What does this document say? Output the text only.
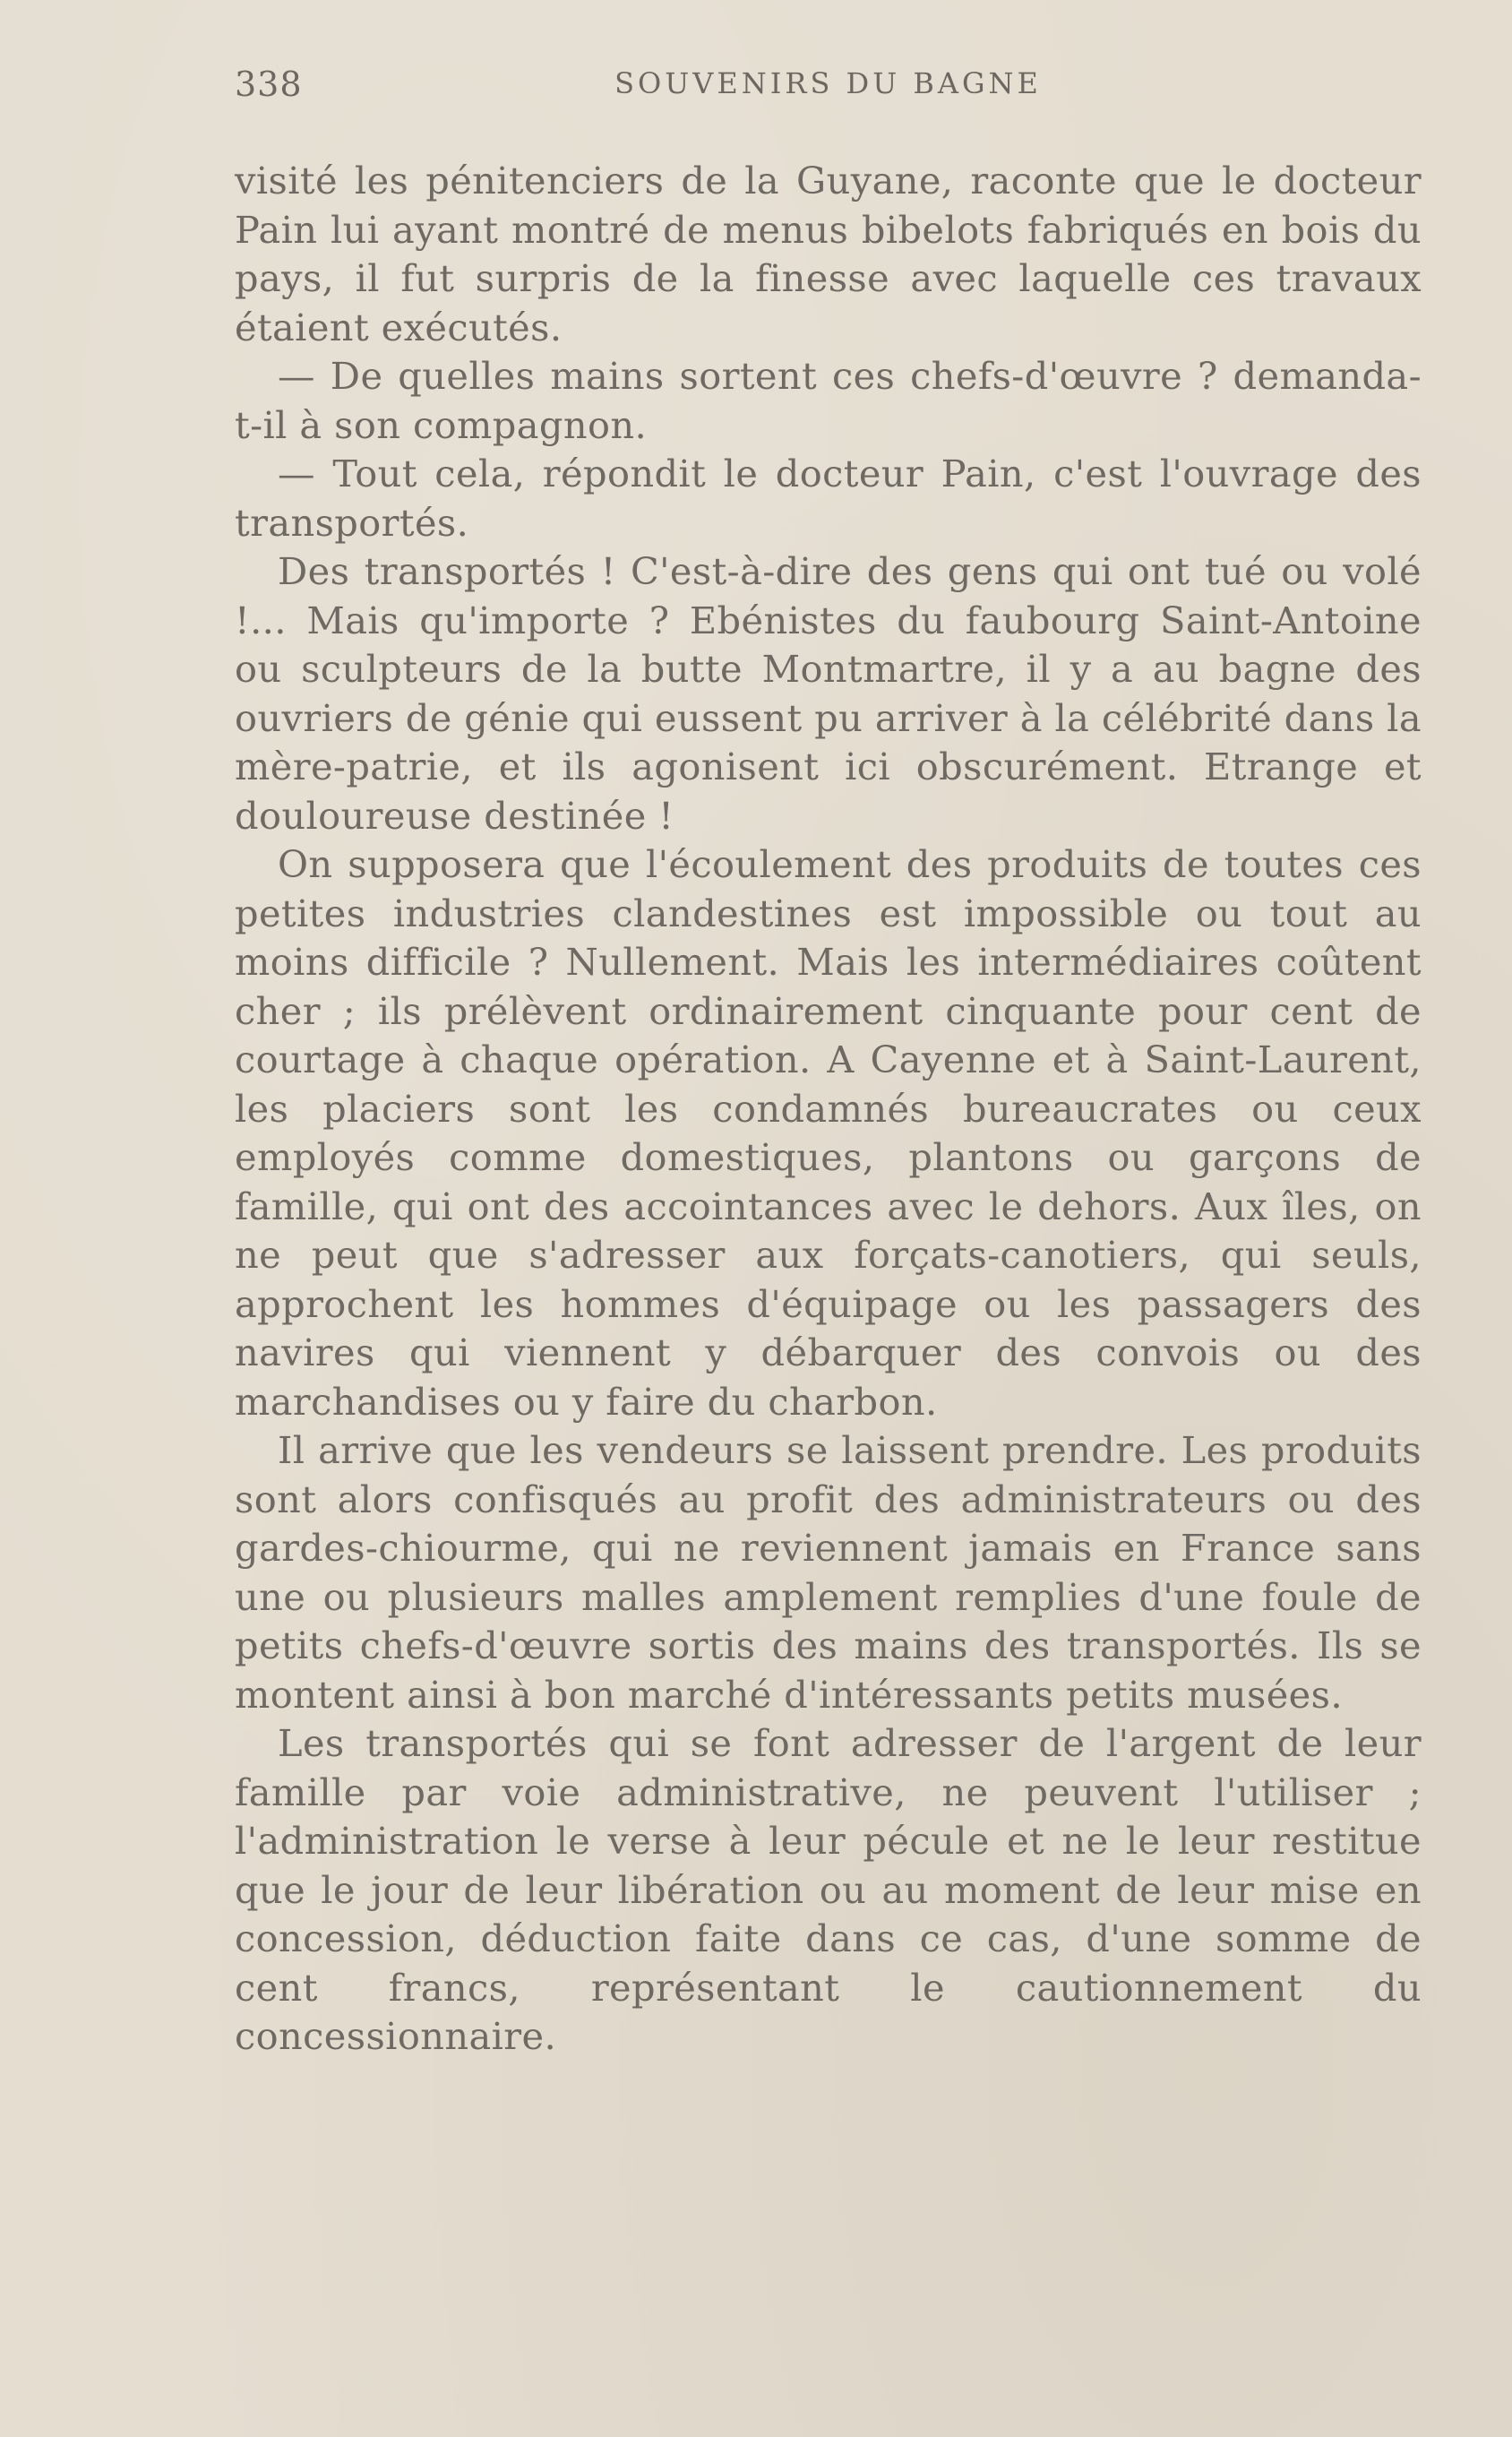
338	SOUVENIRS DU BAGNE

visité les pénitenciers de la Guyane, raconte que le docteur Pain lui ayant montré de menus bibelots fabriqués en bois du pays, il fut surpris de la finesse avec laquelle ces travaux étaient exécutés.

— De quelles mains sortent ces chefs-d'œuvre ? demanda-t-il à son compagnon.

— Tout cela, répondit le docteur Pain, c'est l'ouvrage des transportés.

Des transportés ! C'est-à-dire des gens qui ont tué ou volé !... Mais qu'importe ? Ebénistes du faubourg Saint-Antoine ou sculpteurs de la butte Montmartre, il y a au bagne des ouvriers de génie qui eussent pu arriver à la célébrité dans la mère-patrie, et ils agonisent ici obscurément. Etrange et douloureuse destinée !

On supposera que l'écoulement des produits de toutes ces petites industries clandestines est impossible ou tout au moins difficile ? Nullement. Mais les intermédiaires coûtent cher ; ils prélèvent ordinairement cinquante pour cent de courtage à chaque opération. A Cayenne et à Saint-Laurent, les placiers sont les condamnés bureaucrates ou ceux employés comme domestiques, plantons ou garçons de famille, qui ont des accointances avec le dehors. Aux îles, on ne peut que s'adresser aux forçats-canotiers, qui seuls, approchent les hommes d'équipage ou les passagers des navires qui viennent y débarquer des convois ou des marchandises ou y faire du charbon.

Il arrive que les vendeurs se laissent prendre. Les produits sont alors confisqués au profit des administrateurs ou des gardes-chiourme, qui ne reviennent jamais en France sans une ou plusieurs malles amplement remplies d'une foule de petits chefs-d'œuvre sortis des mains des transportés. Ils se montent ainsi à bon marché d'intéressants petits musées.

Les transportés qui se font adresser de l'argent de leur famille par voie administrative, ne peuvent l'utiliser ; l'administration le verse à leur pécule et ne le leur restitue que le jour de leur libération ou au moment de leur mise en concession, déduction faite dans ce cas, d'une somme de cent francs, représentant le cautionnement du concessionnaire.
